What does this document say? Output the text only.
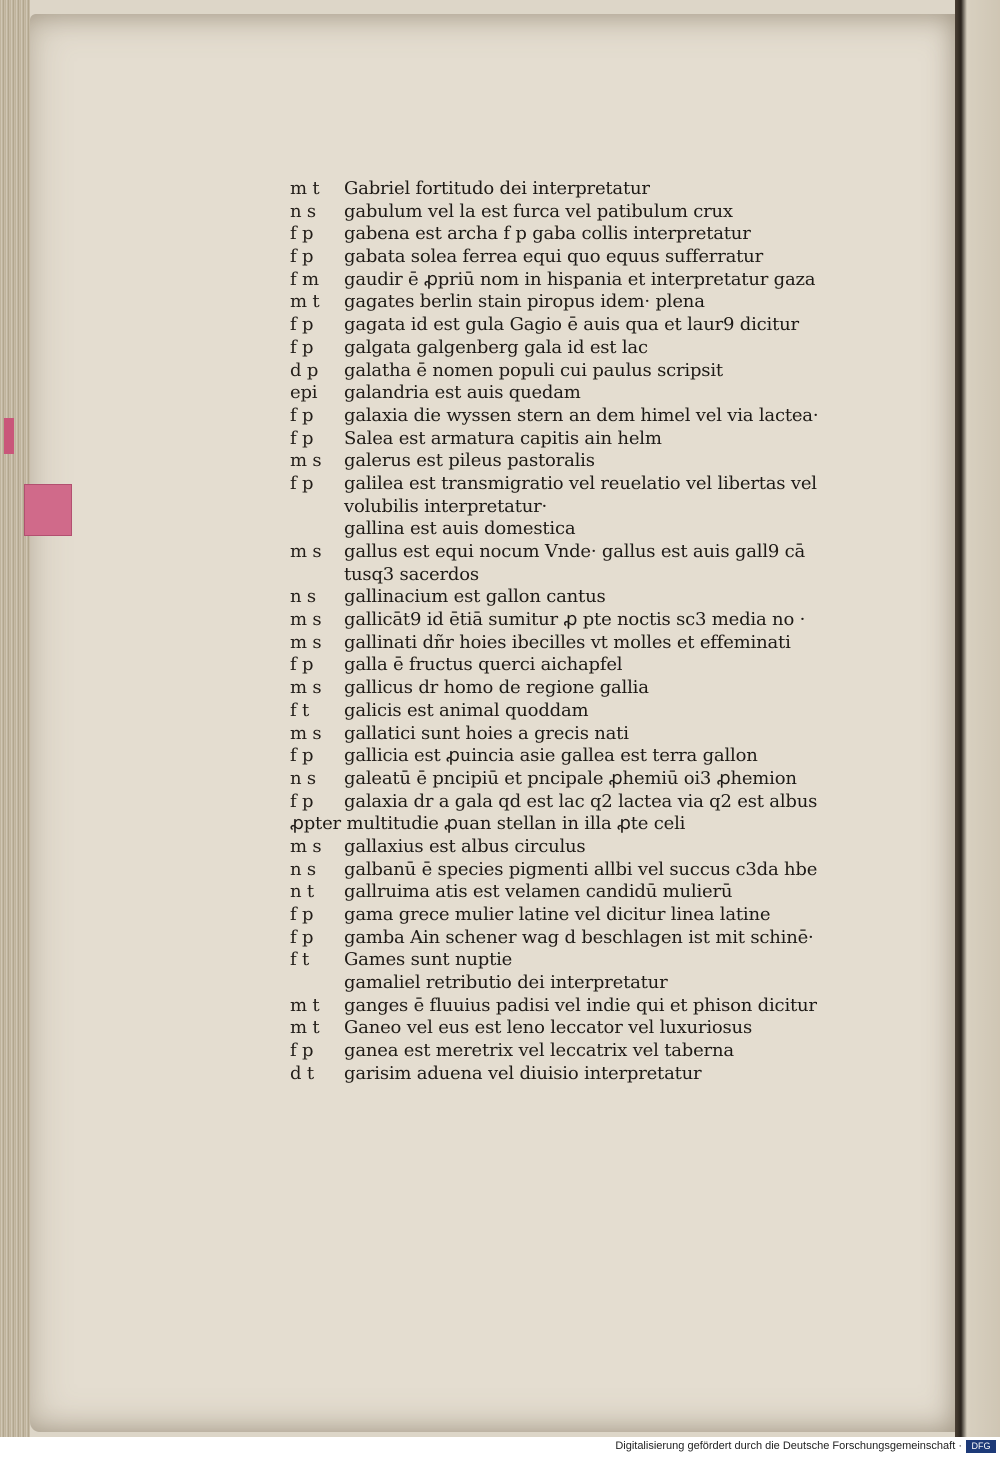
m t Gabriel fortitudo dei interpretatur
n s gabulum vel la est furca vel patibulum crux
f p gabena est archa f p gaba collis interpretatur
f p gabata solea ferrea equi quo equus sufferratur
f m gaudir ē ꝓpriū nom in hispania et interpretatur gaza
m t gagates berlin stain piropus idem· plena
f p gagata id est gula Gagio ē auis qua et laur9 dicitur
f p galgata galgenberg gala id est lac
d p galatha ē nomen populi cui paulus scripsit
epi galandria est auis quedam
f p galaxia die wyssen stern an dem himel vel via lactea·
f p Salea est armatura capitis ain helm
m s galerus est pileus pastoralis
f p galilea est transmigratio vel reuelatio vel libertas vel
volubilis interpretatur·
gallina est auis domestica
m s gallus est equi nocum Vnde· gallus est auis gall9 cā
tusq3 sacerdos
n s gallinacium est gallon cantus
m s gallicāt9 id ētiā sumitur ꝓ pte noctis sc3 media no ·
m s gallinati dñr hoies ibecilles vt molles et effeminati
f p galla ē fructus querci aichapfel
m s gallicus dr homo de regione gallia
f t galicis est animal quoddam
m s gallatici sunt hoies a grecis nati
f p gallicia est ꝓuincia asie gallea est terra gallon
n s galeatū ē pncipiū et pncipale ꝓhemiū oi3 ꝓhemion
f p galaxia dr a gala qd est lac q2 lactea via q2 est albus
ꝓpter multitudie ꝓuan stellan in illa ꝓte celi
m s gallaxius est albus circulus
n s galbanū ē species pigmenti allbi vel succus c3da hbe
n t gallruima atis est velamen candidū mulierū
f p gama grece mulier latine vel dicitur linea latine
f p gamba Ain schener wag d beschlagen ist mit schinē·
f t Games sunt nuptie
gamaliel retributio dei interpretatur
m t ganges ē fluuius padisi vel indie qui et phison dicitur
m t Ganeo vel eus est leno leccator vel luxuriosus
f p ganea est meretrix vel leccatrix vel taberna
d t garisim aduena vel diuisio interpretatur
Digitalisierung gefördert durch die Deutsche Forschungsgemeinschaft ·	DFG
